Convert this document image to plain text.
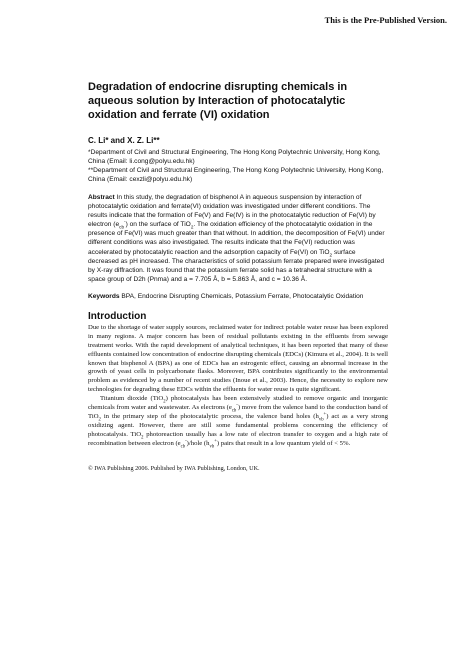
This is the Pre-Published Version.
Degradation of endocrine disrupting chemicals in aqueous solution by Interaction of photocatalytic oxidation and ferrate (VI) oxidation
C. Li* and X. Z. Li**
*Department of Civil and Structural Engineering, The Hong Kong Polytechnic University, Hong Kong, China (Email: li.cong@polyu.edu.hk)
**Department of Civil and Structural Engineering, The Hong Kong Polytechnic University, Hong Kong, China (Email: cexzli@polyu.edu.hk)
Abstract In this study, the degradation of bisphenol A in aqueous suspension by interaction of photocatalytic oxidation and ferrate(VI) oxidation was investigated under different conditions. The results indicate that the formation of Fe(V) and Fe(IV) is in the photocatalytic reduction of Fe(VI) by electron $(e_{cb}^-)$ on the surface of TiO$_2$. The oxidation efficiency of the photocatalytic oxidation in the presence of Fe(VI) was much greater than that without. In addition, the decomposition of Fe(VI) under different conditions was also investigated. The results indicate that the Fe(VI) reduction was accelerated by photocatalytic reaction and the adsorption capacity of Fe(VI) on TiO$_2$ surface decreased as pH increased. The characteristics of solid potassium ferrate prepared were investigated by X-ray diffraction. It was found that the potassium ferrate solid has a tetrahedral structure with a space group of D2h (Pnma) and a = 7.705 Å, b = 5.863 Å, and c = 10.36 Å.
Keywords BPA, Endocrine Disrupting Chemicals, Potassium Ferrate, Photocatalytic Oxidation
Introduction

Due to the shortage of water supply sources, reclaimed water for indirect potable water reuse has been explored in many regions. A major concern has been of residual pollutants existing in the effluents from sewage treatment works. With the rapid development of analytical techniques, it has been reported that many of these effluents contained low concentration of endocrine disrupting chemicals (EDCs) (Kimura et al., 2004). It is well known that bisphenol A (BPA) as one of EDCs has an estrogenic effect, causing an abnormal increase in the growth of yeast cells in polycarbonate flasks. Moreover, BPA contributes significantly to the environmental problem as evidenced by a number of recent studies (Inoue et al., 2003). Hence, the necessity to explore new technologies for degrading these EDCs within the effluents for water reuse is quite significant.

Titanium dioxide (TiO$_2$) photocatalysis has been extensively studied to remove organic and inorganic chemicals from water and wastewater. As electrons $(e_{cb}^-)$ move from the valence band to the conduction band of TiO$_2$ in the primary step of the photocatalytic process, the valence band holes $(h_{vb}^+)$ act as a very strong oxidizing agent. However, there are still some fundamental problems concerning the efficiency of photocatalysis. TiO$_2$ photoreaction usually has a low rate of electron transfer to oxygen and a high rate of recombination between electron $(e_{cb}^-)$/hole $(h_{vb}^+)$ pairs that result in a low quantum yield of < 5%.

© IWA Publishing 2006. Published by IWA Publishing, London, UK.
